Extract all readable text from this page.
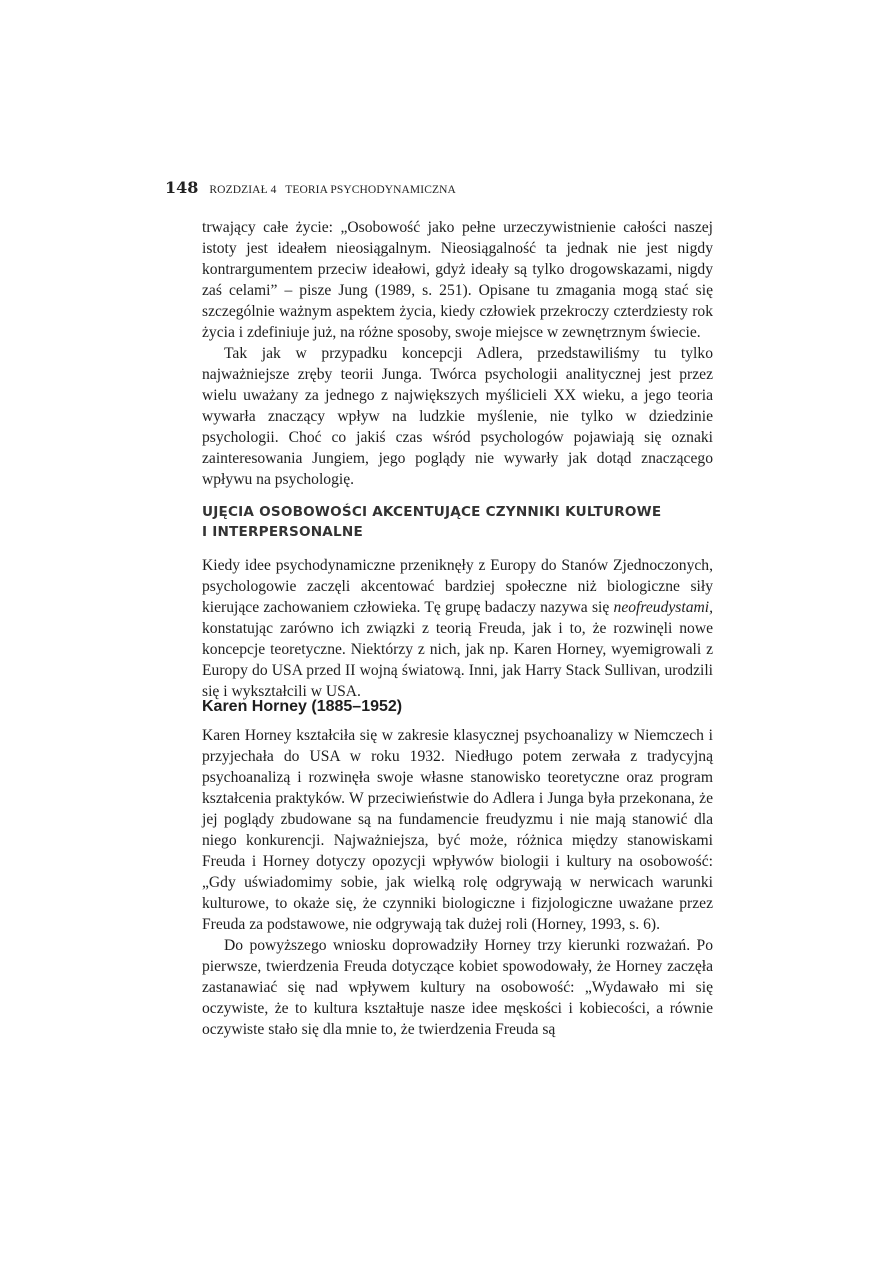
148 ROZDZIAŁ 4   TEORIA PSYCHODYNAMICZNA

trwający całe życie: „Osobowość jako pełne urzeczywistnienie całości naszej istoty jest ideałem nieosiągalnym. Nieosiągalność ta jednak nie jest nigdy kontrargumentem przeciw ideałowi, gdyż ideały są tylko drogowskazami, nigdy zaś celami” – pisze Jung (1989, s. 251). Opisane tu zmagania mogą stać się szczególnie ważnym aspektem życia, kiedy człowiek przekroczy czterdziesty rok życia i zdefiniuje już, na różne sposoby, swoje miejsce w zewnętrznym świecie.

Tak jak w przypadku koncepcji Adlera, przedstawiliśmy tu tylko najważniejsze zręby teorii Junga. Twórca psychologii analitycznej jest przez wielu uważany za jednego z największych myślicieli XX wieku, a jego teoria wywarła znaczący wpływ na ludzkie myślenie, nie tylko w dziedzinie psychologii. Choć co jakiś czas wśród psychologów pojawiają się oznaki zainteresowania Jungiem, jego poglądy nie wywarły jak dotąd znaczącego wpływu na psychologię.

UJĘCIA OSOBOWOŚCI AKCENTUJĄCE CZYNNIKI KULTUROWE
I INTERPERSONALNE

Kiedy idee psychodynamiczne przeniknęły z Europy do Stanów Zjednoczonych, psychologowie zaczęli akcentować bardziej społeczne niż biologiczne siły kierujące zachowaniem człowieka. Tę grupę badaczy nazywa się neofreudystami, konstatując zarówno ich związki z teorią Freuda, jak i to, że rozwinęli nowe koncepcje teoretyczne. Niektórzy z nich, jak np. Karen Horney, wyemigrowali z Europy do USA przed II wojną światową. Inni, jak Harry Stack Sullivan, urodzili się i wykształcili w USA.

Karen Horney (1885–1952)

Karen Horney kształciła się w zakresie klasycznej psychoanalizy w Niemczech i przyjechała do USA w roku 1932. Niedługo potem zerwała z tradycyjną psychoanalizą i rozwinęła swoje własne stanowisko teoretyczne oraz program kształcenia praktyków. W przeciwieństwie do Adlera i Junga była przekonana, że jej poglądy zbudowane są na fundamencie freudyzmu i nie mają stanowić dla niego konkurencji. Najważniejsza, być może, różnica między stanowiskami Freuda i Horney dotyczy opozycji wpływów biologii i kultury na osobowość: „Gdy uświadomimy sobie, jak wielką rolę odgrywają w nerwicach warunki kulturowe, to okaże się, że czynniki biologiczne i fizjologiczne uważane przez Freuda za podstawowe, nie odgrywają tak dużej roli (Horney, 1993, s. 6).

Do powyższego wniosku doprowadziły Horney trzy kierunki rozważań. Po pierwsze, twierdzenia Freuda dotyczące kobiet spowodowały, że Horney zaczęła zastanawiać się nad wpływem kultury na osobowość: „Wydawało mi się oczywiste, że to kultura kształtuje nasze idee męskości i kobiecości, a równie oczywiste stało się dla mnie to, że twierdzenia Freuda są
